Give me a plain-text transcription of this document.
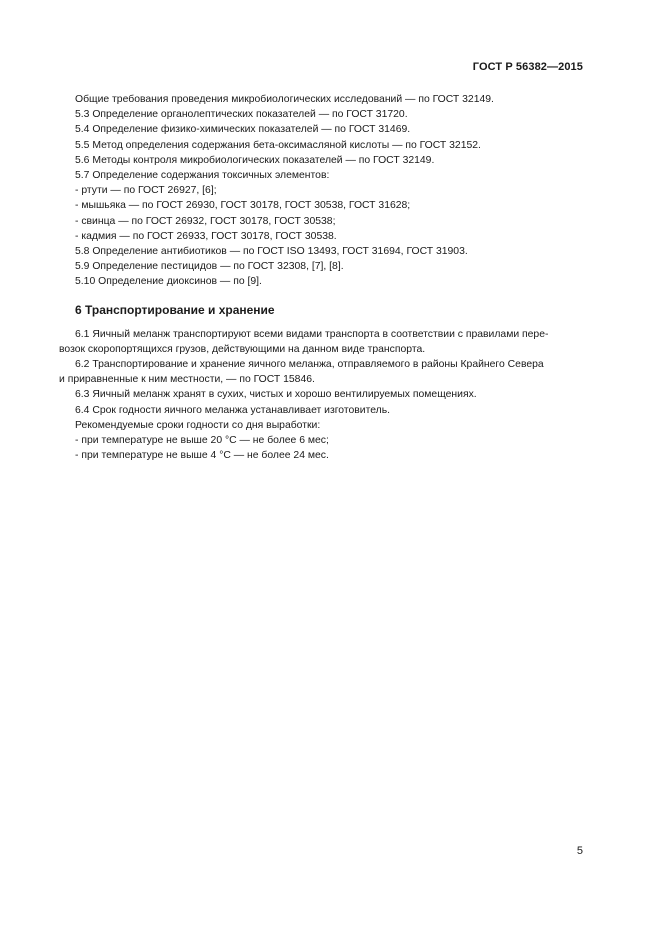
ГОСТ Р 56382—2015
Общие требования проведения микробиологических исследований — по ГОСТ 32149.
5.3 Определение органолептических показателей — по ГОСТ 31720.
5.4 Определение физико-химических показателей — по ГОСТ 31469.
5.5 Метод определения содержания бета-оксимасляной кислоты — по ГОСТ 32152.
5.6 Методы контроля микробиологических показателей — по ГОСТ 32149.
5.7 Определение содержания токсичных элементов:
- ртути — по ГОСТ 26927, [6];
- мышьяка — по ГОСТ 26930, ГОСТ 30178, ГОСТ 30538, ГОСТ 31628;
- свинца — по ГОСТ 26932, ГОСТ 30178, ГОСТ 30538;
- кадмия — по ГОСТ 26933, ГОСТ 30178, ГОСТ 30538.
5.8 Определение антибиотиков — по ГОСТ ISO 13493, ГОСТ 31694, ГОСТ 31903.
5.9 Определение пестицидов — по ГОСТ 32308, [7], [8].
5.10 Определение диоксинов — по [9].
6 Транспортирование и хранение
6.1 Яичный меланж транспортируют всеми видами транспорта в соответствии с правилами пере-
возок скоропортящихся грузов, действующими на данном виде транспорта.
6.2 Транспортирование и хранение яичного меланжа, отправляемого в районы Крайнего Севера
и приравненные к ним местности, — по ГОСТ 15846.
6.3 Яичный меланж хранят в сухих, чистых и хорошо вентилируемых помещениях.
6.4 Срок годности яичного меланжа устанавливает изготовитель.
Рекомендуемые сроки годности со дня выработки:
- при температуре не выше 20 °С — не более 6 мес;
- при температуре не выше 4 °С — не более 24 мес.
5
